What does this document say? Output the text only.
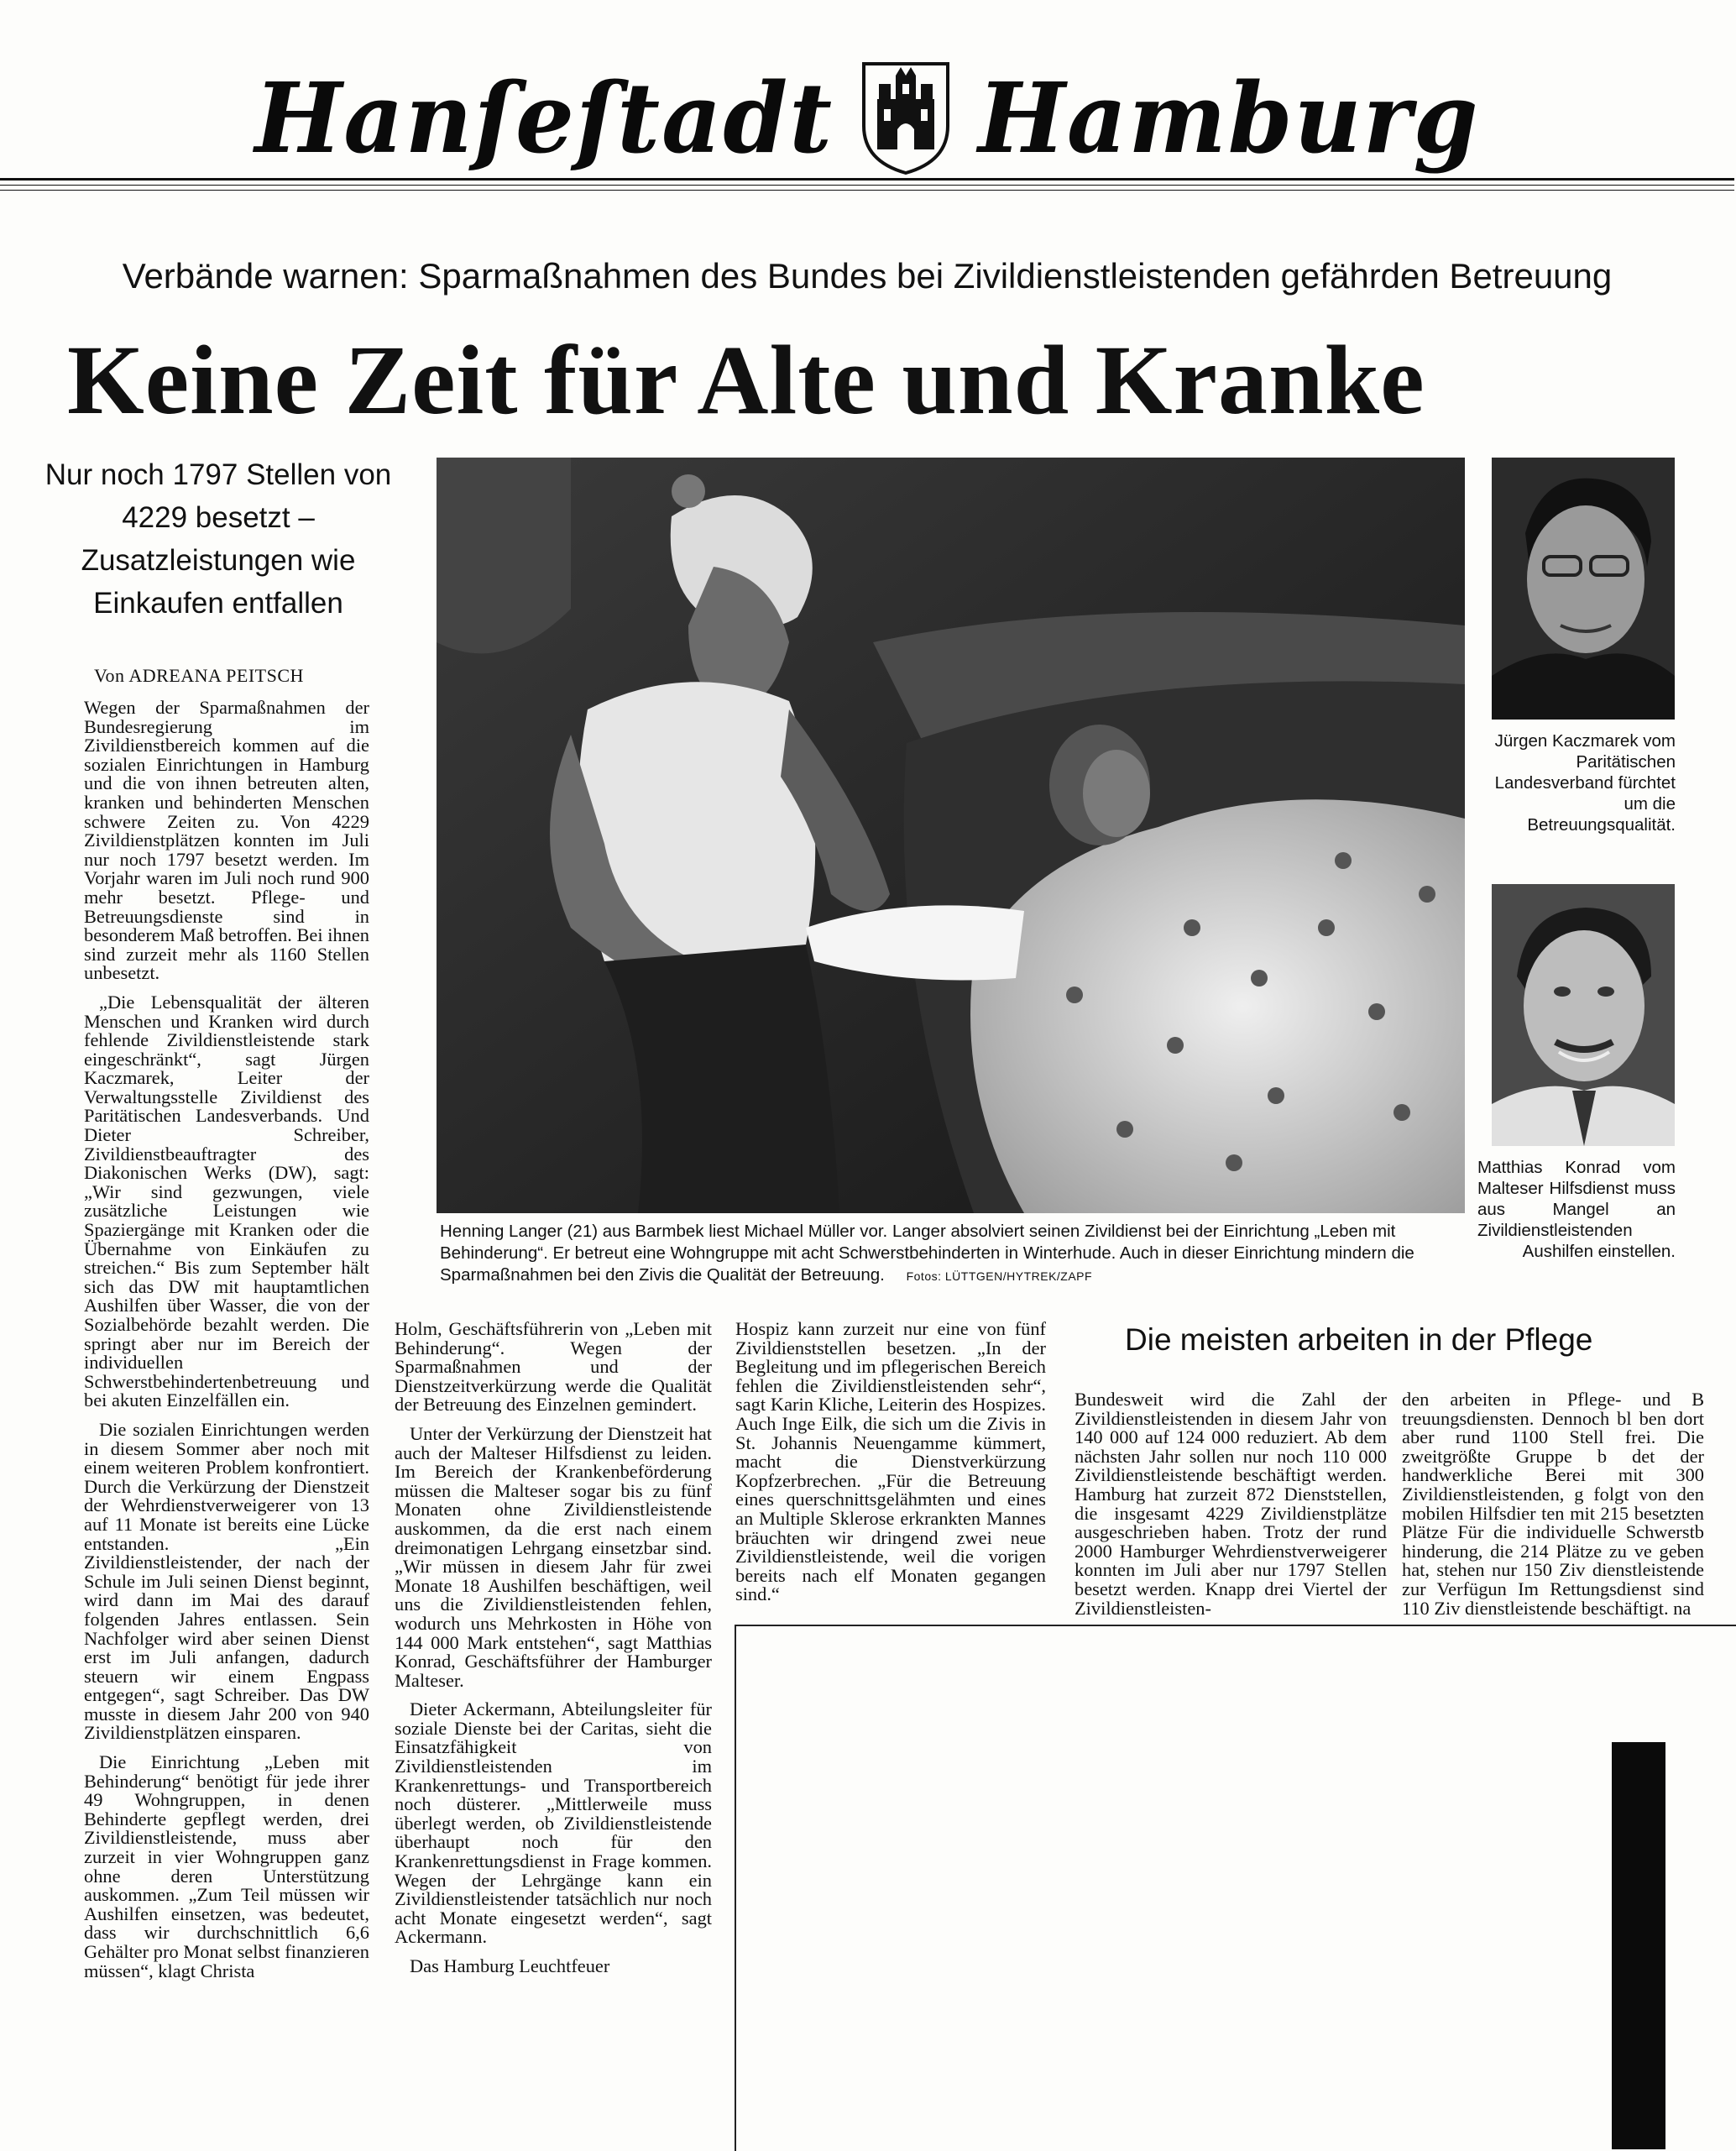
Hanſeſtadt Hamburg
Verbände warnen: Sparmaßnahmen des Bundes bei Zivildienstleistenden gefährden Betreuung
Keine Zeit für Alte und Kranke
Nur noch 1797 Stellen von 4229 besetzt – Zusatzleistungen wie Einkaufen entfallen
Von ADREANA PEITSCH
Jürgen Kaczmarek vom Paritätischen Landesverband fürchtet um die Betreuungsqualität.
Matthias Konrad vom Malteser Hilfsdienst muss aus Mangel an Zivildienstleistenden Aushilfen einstellen.
Henning Langer (21) aus Barmbek liest Michael Müller vor. Langer absolviert seinen Zivildienst bei der Einrichtung „Leben mit Behinderung“. Er betreut eine Wohngruppe mit acht Schwerstbehinderten in Winterhude. Auch in dieser Einrichtung mindern die Sparmaßnahmen bei den Zivis die Qualität der Betreuung. Fotos: LÜTTGEN/HYTREK/ZAPF

Wegen der Sparmaßnahmen der Bundesregierung im Zivildienstbereich kommen auf die sozialen Einrichtungen in Hamburg und die von ihnen betreuten alten, kranken und behinderten Menschen schwere Zeiten zu. Von 4229 Zivildienstplätzen konnten im Juli nur noch 1797 besetzt werden. Im Vorjahr waren im Juli noch rund 900 mehr besetzt. Pflege- und Betreuungsdienste sind in besonderem Maß betroffen. Bei ihnen sind zurzeit mehr als 1160 Stellen unbesetzt.

„Die Lebensqualität der älteren Menschen und Kranken wird durch fehlende Zivildienstleistende stark eingeschränkt“, sagt Jürgen Kaczmarek, Leiter der Verwaltungsstelle Zivildienst des Paritätischen Landesverbands. Und Dieter Schreiber, Zivildienstbeauftragter des Diakonischen Werks (DW), sagt: „Wir sind gezwungen, viele zusätzliche Leistungen wie Spaziergänge mit Kranken oder die Übernahme von Einkäufen zu streichen.“ Bis zum September hält sich das DW mit hauptamtlichen Aushilfen über Wasser, die von der Sozialbehörde bezahlt werden. Die springt aber nur im Bereich der individuellen Schwerstbehindertenbetreuung und bei akuten Einzelfällen ein.

Die sozialen Einrichtungen werden in diesem Sommer aber noch mit einem weiteren Problem konfrontiert. Durch die Verkürzung der Dienstzeit der Wehrdienstverweigerer von 13 auf 11 Monate ist bereits eine Lücke entstanden. „Ein Zivildienstleistender, der nach der Schule im Juli seinen Dienst beginnt, wird dann im Mai des darauf folgenden Jahres entlassen. Sein Nachfolger wird aber seinen Dienst erst im Juli anfangen, dadurch steuern wir einem Engpass entgegen“, sagt Schreiber. Das DW musste in diesem Jahr 200 von 940 Zivildienstplätzen einsparen.

Die Einrichtung „Leben mit Behinderung“ benötigt für jede ihrer 49 Wohngruppen, in denen Behinderte gepflegt werden, drei Zivildienstleistende, muss aber zurzeit in vier Wohngruppen ganz ohne deren Unterstützung auskommen. „Zum Teil müssen wir Aushilfen einsetzen, was bedeutet, dass wir durchschnittlich 6,6 Gehälter pro Monat selbst finanzieren müssen“, klagt Christa

Holm, Geschäftsführerin von „Leben mit Behinderung“. Wegen der Sparmaßnahmen und der Dienstzeitverkürzung werde die Qualität der Betreuung des Einzelnen gemindert.

Unter der Verkürzung der Dienstzeit hat auch der Malteser Hilfsdienst zu leiden. Im Bereich der Krankenbeförderung müssen die Malteser sogar bis zu fünf Monaten ohne Zivildienstleistende auskommen, da die erst nach einem dreimonatigen Lehrgang einsetzbar sind. „Wir müssen in diesem Jahr für zwei Monate 18 Aushilfen beschäftigen, weil uns die Zivildienstleistenden fehlen, wodurch uns Mehrkosten in Höhe von 144 000 Mark entstehen“, sagt Matthias Konrad, Geschäftsführer der Hamburger Malteser.

Dieter Ackermann, Abteilungsleiter für soziale Dienste bei der Caritas, sieht die Einsatzfähigkeit von Zivildienstleistenden im Krankenrettungs- und Transportbereich noch düsterer. „Mittlerweile muss überlegt werden, ob Zivildienstleistende überhaupt noch für den Krankenrettungsdienst in Frage kommen. Wegen der Lehrgänge kann ein Zivildienstleistender tatsächlich nur noch acht Monate eingesetzt werden“, sagt Ackermann.

Das Hamburg Leuchtfeuer

Hospiz kann zurzeit nur eine von fünf Zivildienststellen besetzen. „In der Begleitung und im pflegerischen Bereich fehlen die Zivildienstleistenden sehr“, sagt Karin Kliche, Leiterin des Hospizes. Auch Inge Eilk, die sich um die Zivis in St. Johannis Neuengamme kümmert, macht die Dienstverkürzung Kopfzerbrechen. „Für die Betreuung eines querschnittsgelähmten und eines an Multiple Sklerose erkrankten Mannes bräuchten wir dringend zwei neue Zivildienstleistende, weil die vorigen bereits nach elf Monaten gegangen sind.“

Die meisten arbeiten in der Pflege

Bundesweit wird die Zahl der Zivildienstleistenden in diesem Jahr von 140 000 auf 124 000 reduziert. Ab dem nächsten Jahr sollen nur noch 110 000 Zivildienstleistende beschäftigt werden. Hamburg hat zurzeit 872 Dienststellen, die insgesamt 4229 Zivildienstplätze ausgeschrieben haben. Trotz der rund 2000 Hamburger Wehrdienstverweigerer konnten im Juli aber nur 1797 Stellen besetzt werden. Knapp drei Viertel der Zivildienstleisten-

den arbeiten in Pflege- und B treuungsdiensten. Dennoch bl ben dort aber rund 1100 Stell frei. Die zweitgrößte Gruppe b det der handwerkliche Berei mit 300 Zivildienstleistenden, g folgt von den mobilen Hilfsdier ten mit 215 besetzten Plätze Für die individuelle Schwerstb hinderung, die 214 Plätze zu ve geben hat, stehen nur 150 Ziv dienstleistende zur Verfügun Im Rettungsdienst sind 110 Ziv dienstleistende beschäftigt. na
